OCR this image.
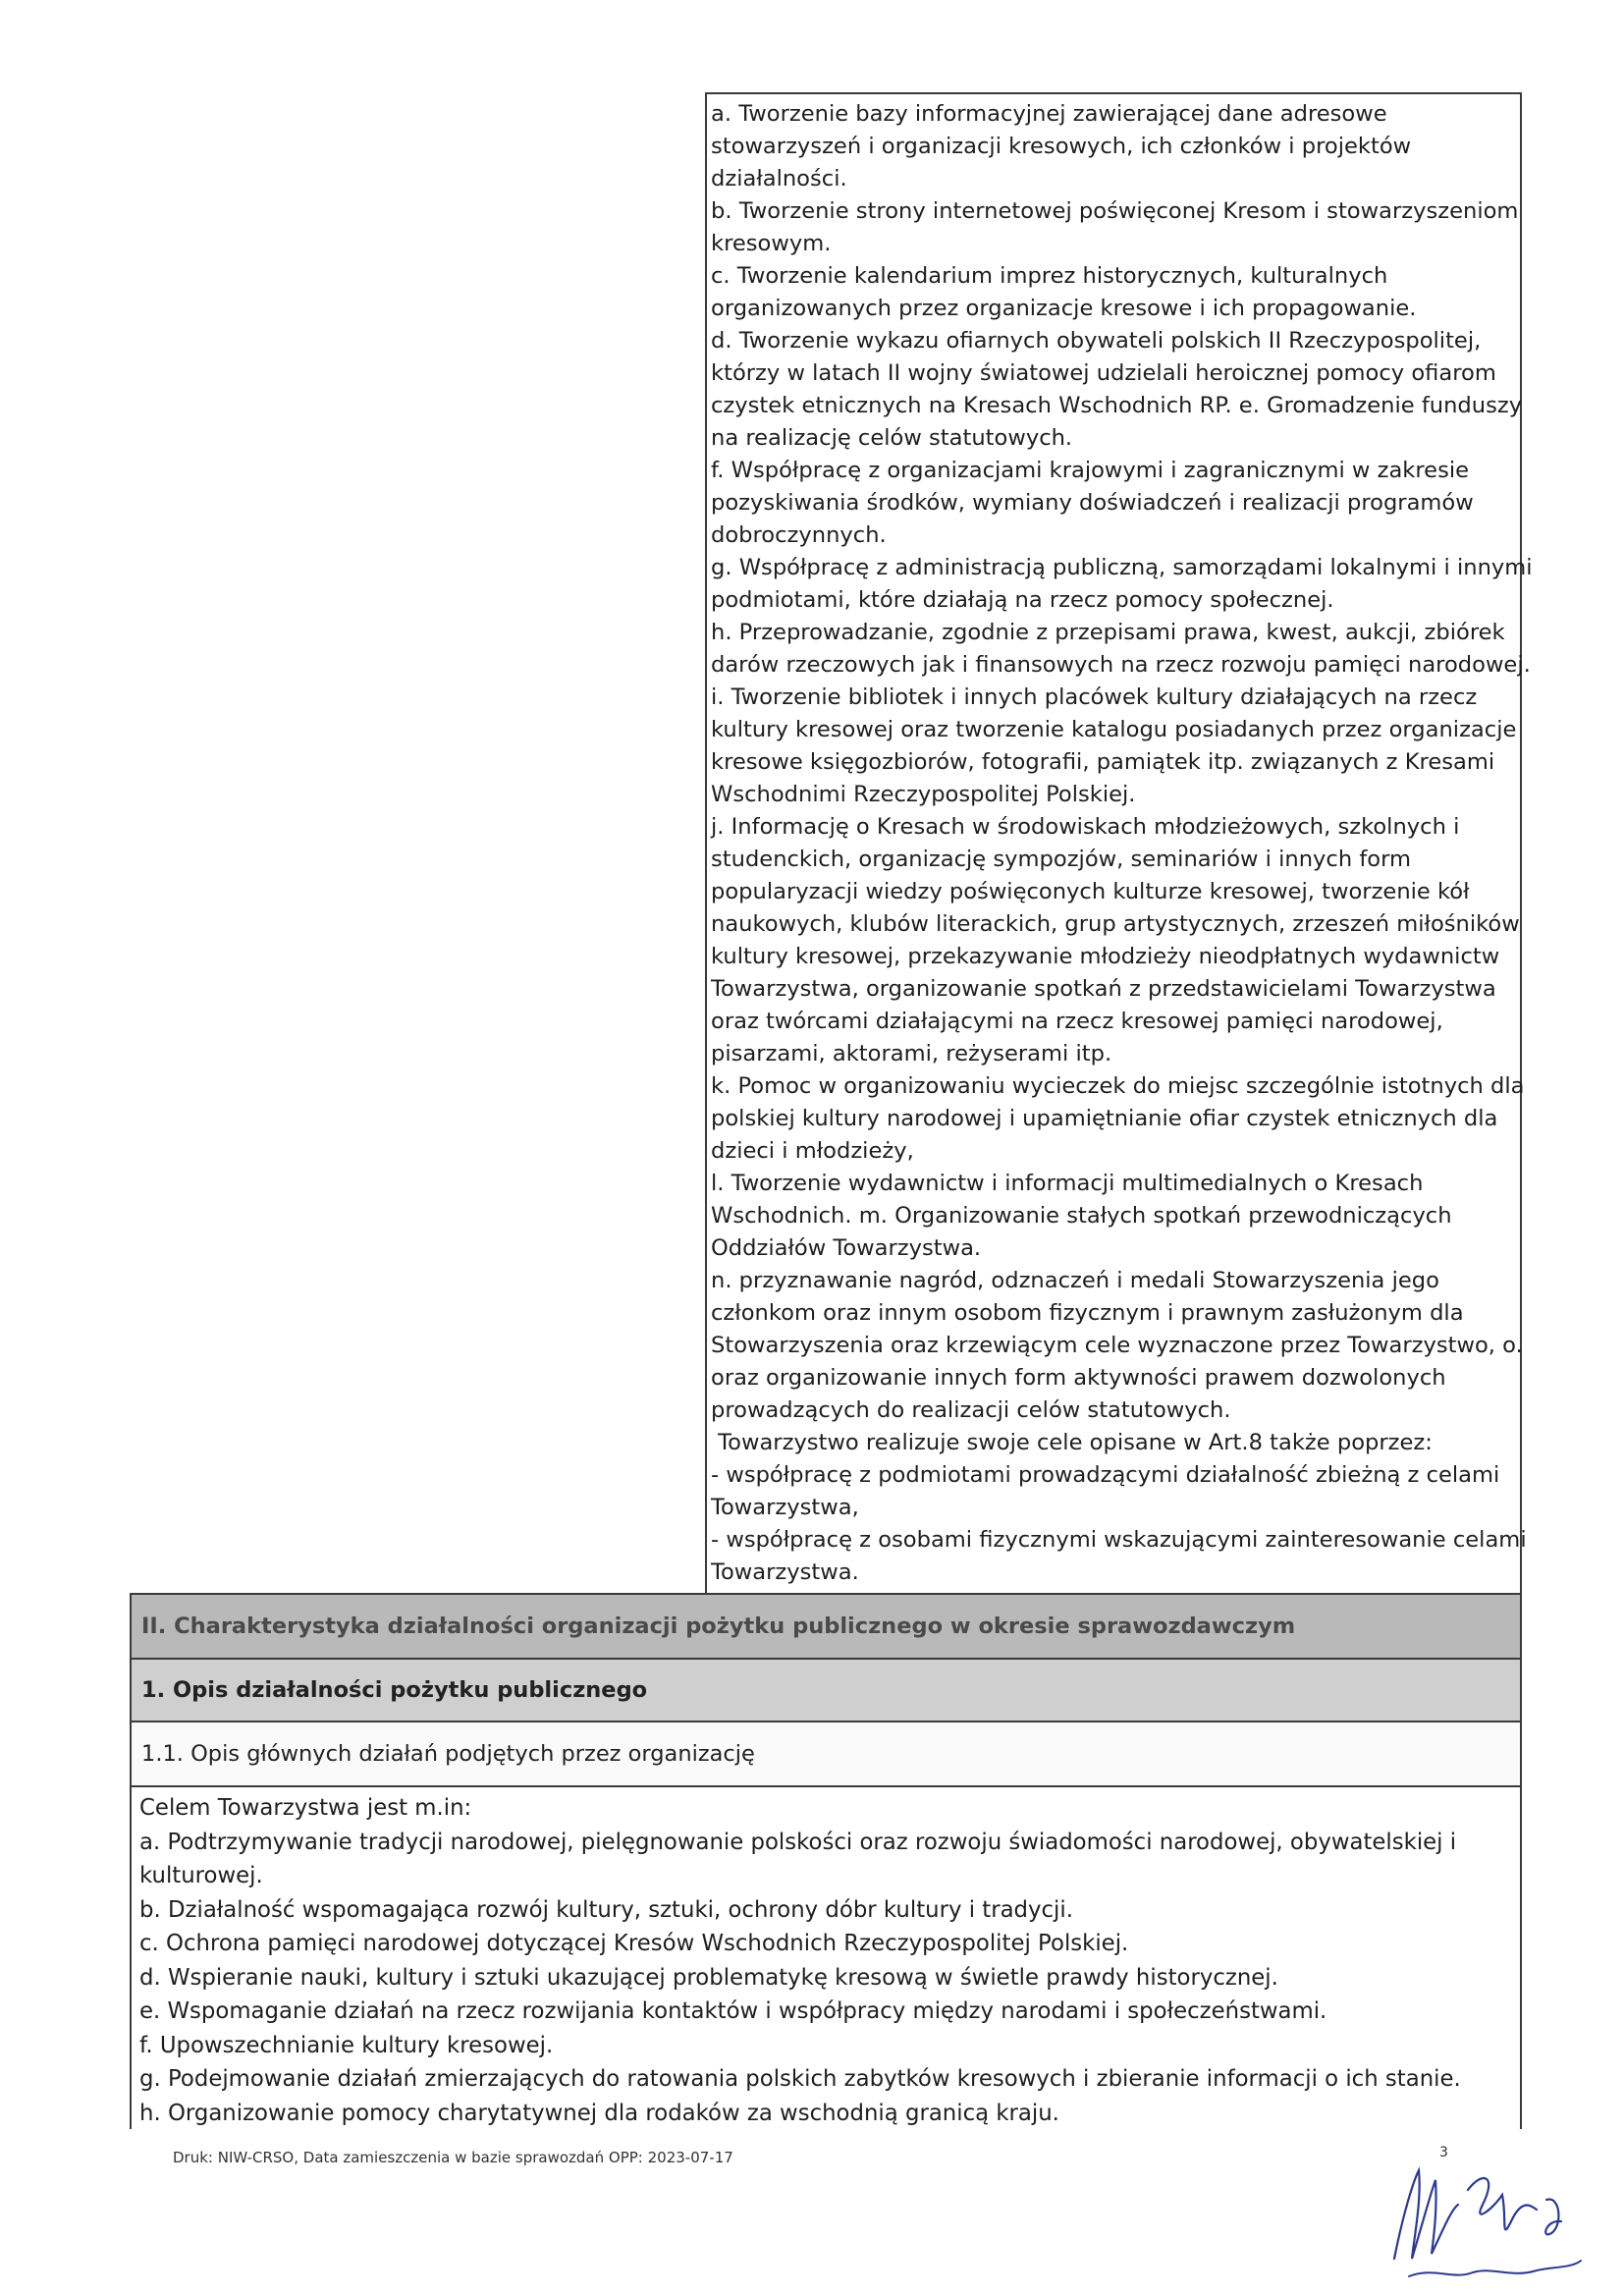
a. Tworzenie bazy informacyjnej zawierającej dane adresowe
stowarzyszeń i organizacji kresowych, ich członków i projektów
działalności.
b. Tworzenie strony internetowej poświęconej Kresom i stowarzyszeniom
kresowym.
c. Tworzenie kalendarium imprez historycznych, kulturalnych
organizowanych przez organizacje kresowe i ich propagowanie.
d. Tworzenie wykazu ofiarnych obywateli polskich II Rzeczypospolitej,
którzy w latach II wojny światowej udzielali heroicznej pomocy ofiarom
czystek etnicznych na Kresach Wschodnich RP. e. Gromadzenie funduszy
na realizację celów statutowych.
f. Współpracę z organizacjami krajowymi i zagranicznymi w zakresie
pozyskiwania środków, wymiany doświadczeń i realizacji programów
dobroczynnych.
g. Współpracę z administracją publiczną, samorządami lokalnymi i innymi
podmiotami, które działają na rzecz pomocy społecznej.
h. Przeprowadzanie, zgodnie z przepisami prawa, kwest, aukcji, zbiórek
darów rzeczowych jak i finansowych na rzecz rozwoju pamięci narodowej.
i. Tworzenie bibliotek i innych placówek kultury działających na rzecz
kultury kresowej oraz tworzenie katalogu posiadanych przez organizacje
kresowe księgozbiorów, fotografii, pamiątek itp. związanych z Kresami
Wschodnimi Rzeczypospolitej Polskiej.
j. Informację o Kresach w środowiskach młodzieżowych, szkolnych i
studenckich, organizację sympozjów, seminariów i innych form
popularyzacji wiedzy poświęconych kulturze kresowej, tworzenie kół
naukowych, klubów literackich, grup artystycznych, zrzeszeń miłośników
kultury kresowej, przekazywanie młodzieży nieodpłatnych wydawnictw
Towarzystwa, organizowanie spotkań z przedstawicielami Towarzystwa
oraz twórcami działającymi na rzecz kresowej pamięci narodowej,
pisarzami, aktorami, reżyserami itp.
k. Pomoc w organizowaniu wycieczek do miejsc szczególnie istotnych dla
polskiej kultury narodowej i upamiętnianie ofiar czystek etnicznych dla
dzieci i młodzieży,
l. Tworzenie wydawnictw i informacji multimedialnych o Kresach
Wschodnich. m. Organizowanie stałych spotkań przewodniczących
Oddziałów Towarzystwa.
n. przyznawanie nagród, odznaczeń i medali Stowarzyszenia jego
członkom oraz innym osobom fizycznym i prawnym zasłużonym dla
Stowarzyszenia oraz krzewiącym cele wyznaczone przez Towarzystwo, o.
oraz organizowanie innych form aktywności prawem dozwolonych
prowadzących do realizacji celów statutowych.
Towarzystwo realizuje swoje cele opisane w Art.8 także poprzez:
- współpracę z podmiotami prowadzącymi działalność zbieżną z celami
Towarzystwa,
- współpracę z osobami fizycznymi wskazującymi zainteresowanie celami
Towarzystwa.
II. Charakterystyka działalności organizacji pożytku publicznego w okresie sprawozdawczym
1. Opis działalności pożytku publicznego
1.1. Opis głównych działań podjętych przez organizację
Celem Towarzystwa jest m.in:
a. Podtrzymywanie tradycji narodowej, pielęgnowanie polskości oraz rozwoju świadomości narodowej, obywatelskiej i
kulturowej.
b. Działalność wspomagająca rozwój kultury, sztuki, ochrony dóbr kultury i tradycji.
c. Ochrona pamięci narodowej dotyczącej Kresów Wschodnich Rzeczypospolitej Polskiej.
d. Wspieranie nauki, kultury i sztuki ukazującej problematykę kresową w świetle prawdy historycznej.
e. Wspomaganie działań na rzecz rozwijania kontaktów i współpracy między narodami i społeczeństwami.
f. Upowszechnianie kultury kresowej.
g. Podejmowanie działań zmierzających do ratowania polskich zabytków kresowych i zbieranie informacji o ich stanie.
h. Organizowanie pomocy charytatywnej dla rodaków za wschodnią granicą kraju.
Druk: NIW-CRSO, Data zamieszczenia w bazie sprawozdań OPP: 2023-07-17	3
